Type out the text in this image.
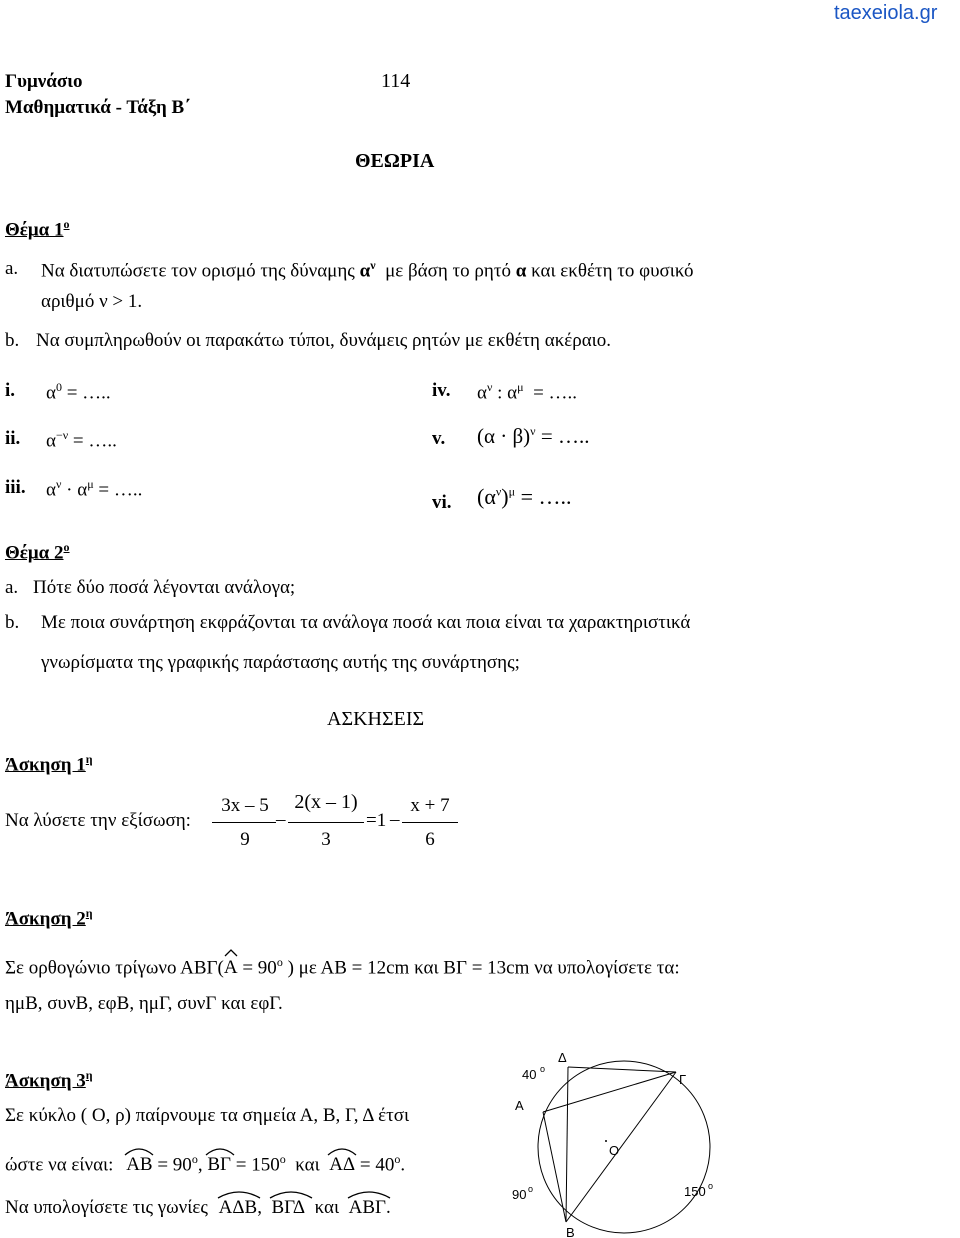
taexeiola.gr
Γυμνάσιο
Μαθηματικά - Τάξη Β΄
114
ΘΕΩΡΙΑ
Θέμα $1^o$
a. Να διατυπώσετε τον ορισμό της δύναμης $\alpha^\nu$ με βάση το ρητό α και εκθέτη το φυσικό
αριθμό ν > 1.
b. Να συμπληρωθούν οι παρακάτω τύποι, δυνάμεις ρητών με εκθέτη ακέραιο.
i. $\alpha^0$ = …..
ii. $\alpha^{-\nu}$ = …..
iii. $\alpha^\nu \cdot \alpha^\mu$ = …..
iv. $\alpha^\nu$ : $\alpha^\mu$ = …..
v. $(\alpha \cdot \beta)^\nu$ = …..
vi. $(\alpha^\nu)^\mu$ = …..
Θέμα $2^o$
a. Πότε δύο ποσά λέγονται ανάλογα;
b. Με ποια συνάρτηση εκφράζονται τα ανάλογα ποσά και ποια είναι τα χαρακτηριστικά
γνωρίσματα της γραφικής παράστασης αυτής της συνάρτησης;
ΑΣΚΗΣΕΙΣ
Άσκηση $1^\eta$
Να λύσετε την εξίσωση:
3x – 5
9
–
2(x – 1)
3
=1 –
x + 7
6
Άσκηση $2^\eta$
Σε ορθογώνιο τρίγωνο ΑΒΓ(
$A = 90^o$ ) με ΑΒ = 12cm και ΒΓ = 13cm να υπολογίσετε τα:
ημΒ, συνΒ, εφΒ, ημΓ, συνΓ και εφΓ.
Άσκηση $3^\eta$
Σε κύκλο ( Ο, ρ) παίρνουμε τα σημεία Α, Β, Γ, Δ έτσι
ώστε να είναι: $AB = 90^o$, $B\Gamma = 150^o$ και $A\Delta = 40^o$.
Να υπολογίσετε τις γωνίες ΑΔΒ, ΒΓΔ και ΑΒΓ.
Δ
Γ
Α
Β
Ο
40 o
90 o	150 o
